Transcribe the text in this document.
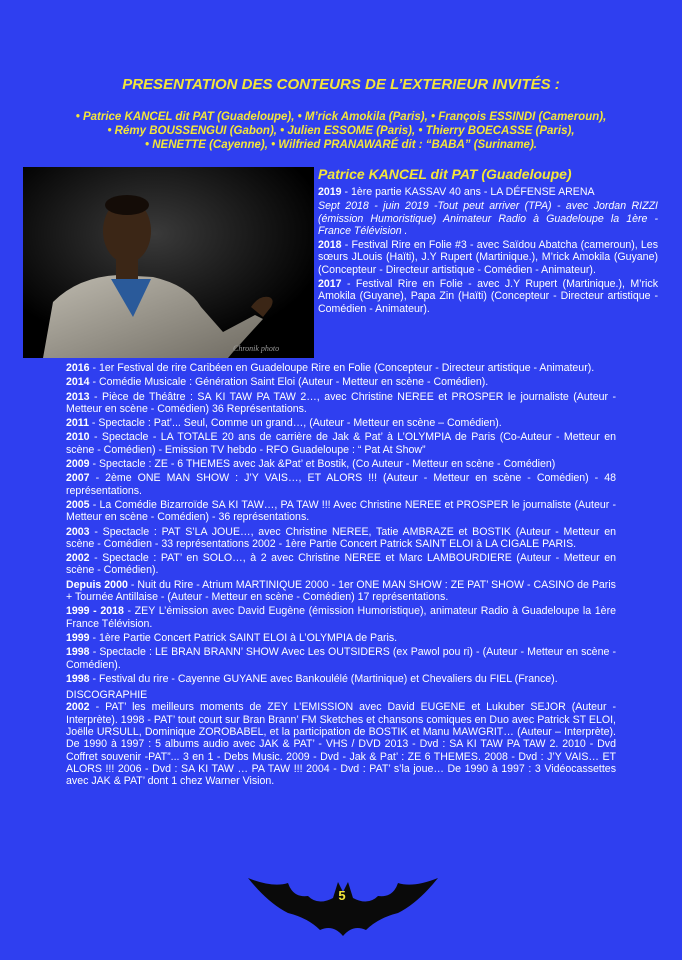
PRESENTATION DES CONTEURS DE L’EXTERIEUR INVITÉS :
• Patrice KANCEL dit PAT (Guadeloupe), • M’rick Amokila (Paris), • François ESSINDI (Cameroun),
• Rémy BOUSSENGUI (Gabon), • Julien ESSOME (Paris), • Thierry BOECASSE (Paris),
• NENETTE (Cayenne), • Wilfried PRANAWARÉ dit : “BABA” (Suriname).
Chronik photo
Patrice KANCEL dit PAT (Guadeloupe)
2019 - 1ère partie KASSAV 40 ans - LA DÉFENSE ARENA
Sept 2018 - juin 2019 -Tout peut arriver (TPA) - avec Jordan RIZZI (émission Humoristique) Animateur Radio à Guadeloupe la 1ère - France Télévision .
2018 - Festival Rire en Folie #3 - avec Saïdou Abatcha (cameroun), Les sœurs JLouis (Haïti), J.Y Rupert (Martinique.), M’rick Amokila (Guyane) (Concepteur - Directeur artistique - Comédien - Animateur).
2017 - Festival Rire en Folie - avec J.Y Rupert (Martinique.), M’rick Amokila (Guyane), Papa Zin (Haïti) (Concepteur - Directeur artistique - Comédien - Animateur).
2016 - 1er Festival de rire Caribéen en Guadeloupe Rire en Folie (Concepteur - Directeur artistique - Animateur).
2014 - Comédie Musicale : Génération Saint Eloi (Auteur - Metteur en scène - Comédien).
2013 - Pièce de Théâtre : SA KI TAW PA TAW 2…, avec Christine NEREE et PROSPER le journaliste (Auteur - Metteur en scène - Comédien) 36 Représentations.
2011 - Spectacle : Pat’... Seul, Comme un grand…, (Auteur - Metteur en scène – Comédien).
2010 - Spectacle - LA TOTALE 20 ans de carrière de Jak & Pat’ à L’OLYMPIA de Paris (Co-Auteur - Metteur en scène - Comédien) - Emission TV hebdo - RFO Guadeloupe : “ Pat At Show”
2009 - Spectacle : ZE - 6 THEMES avec Jak &Pat’ et Bostik, (Co Auteur - Metteur en scène - Comédien)
2007 - 2ème ONE MAN SHOW : J’Y VAIS…, ET ALORS !!! (Auteur - Metteur en scène - Comédien) - 48 représentations.
2005 - La Comédie Bizarroïde SA KI TAW…, PA TAW !!! Avec Christine NEREE et PROSPER le journaliste (Auteur - Metteur en scène - Comédien) - 36 représentations.
2003 - Spectacle : PAT S’LA JOUE…, avec Christine NEREE, Tatie AMBRAZE et BOSTIK (Auteur - Metteur en scène - Comédien - 33 représentations 2002 - 1ère Partie Concert Patrick SAINT ELOI à LA CIGALE PARIS.
2002 - Spectacle : PAT’ en SOLO…, à 2 avec Christine NEREE et Marc LAMBOURDIERE (Auteur - Metteur en scène - Comédien).
Depuis 2000 - Nuit du Rire - Atrium MARTINIQUE 2000 - 1er ONE MAN SHOW : ZE PAT’ SHOW - CASINO de Paris + Tournée Antillaise - (Auteur - Metteur en scène - Comédien) 17 représentations.
1999 - 2018 - ZEY L’émission avec David Eugène (émission Humoristique), animateur Radio à Guadeloupe la 1ère France Télévision.
1999 - 1ère Partie Concert Patrick SAINT ELOI à L’OLYMPIA de Paris.
1998 - Spectacle : LE BRAN BRANN’ SHOW Avec Les OUTSIDERS (ex Pawol pou ri) - (Auteur - Metteur en scène - Comédien).
1998 - Festival du rire - Cayenne GUYANE avec Bankoulélé (Martinique) et Chevaliers du FIEL (France).
DISCOGRAPHIE
2002 - PAT’ les meilleurs moments de ZEY L’EMISSION avec David EUGENE et Lukuber SEJOR (Auteur - Interprète). 1998 - PAT’ tout court sur Bran Brann’ FM Sketches et chansons comiques en Duo avec Patrick ST ELOI, Joëlle URSULL, Dominique ZOROBABEL, et la participation de BOSTIK et Manu MAWGRIT… (Auteur – Interprète). De 1990 à 1997 : 5 albums audio avec JAK & PAT’ - VHS / DVD 2013 - Dvd : SA KI TAW PA TAW 2. 2010 - Dvd Coffret souvenir -PAT”... 3 en 1 - Debs Music. 2009 - Dvd - Jak & Pat’ : ZE 6 THEMES. 2008 - Dvd : J’Y VAIS… ET ALORS !!! 2006 - Dvd : SA KI TAW … PA TAW !!! 2004 - Dvd : PAT’ s’la joue… De 1990 à 1997 : 3 Vidéocassettes avec JAK & PAT’ dont 1 chez Warner Vision.
5
